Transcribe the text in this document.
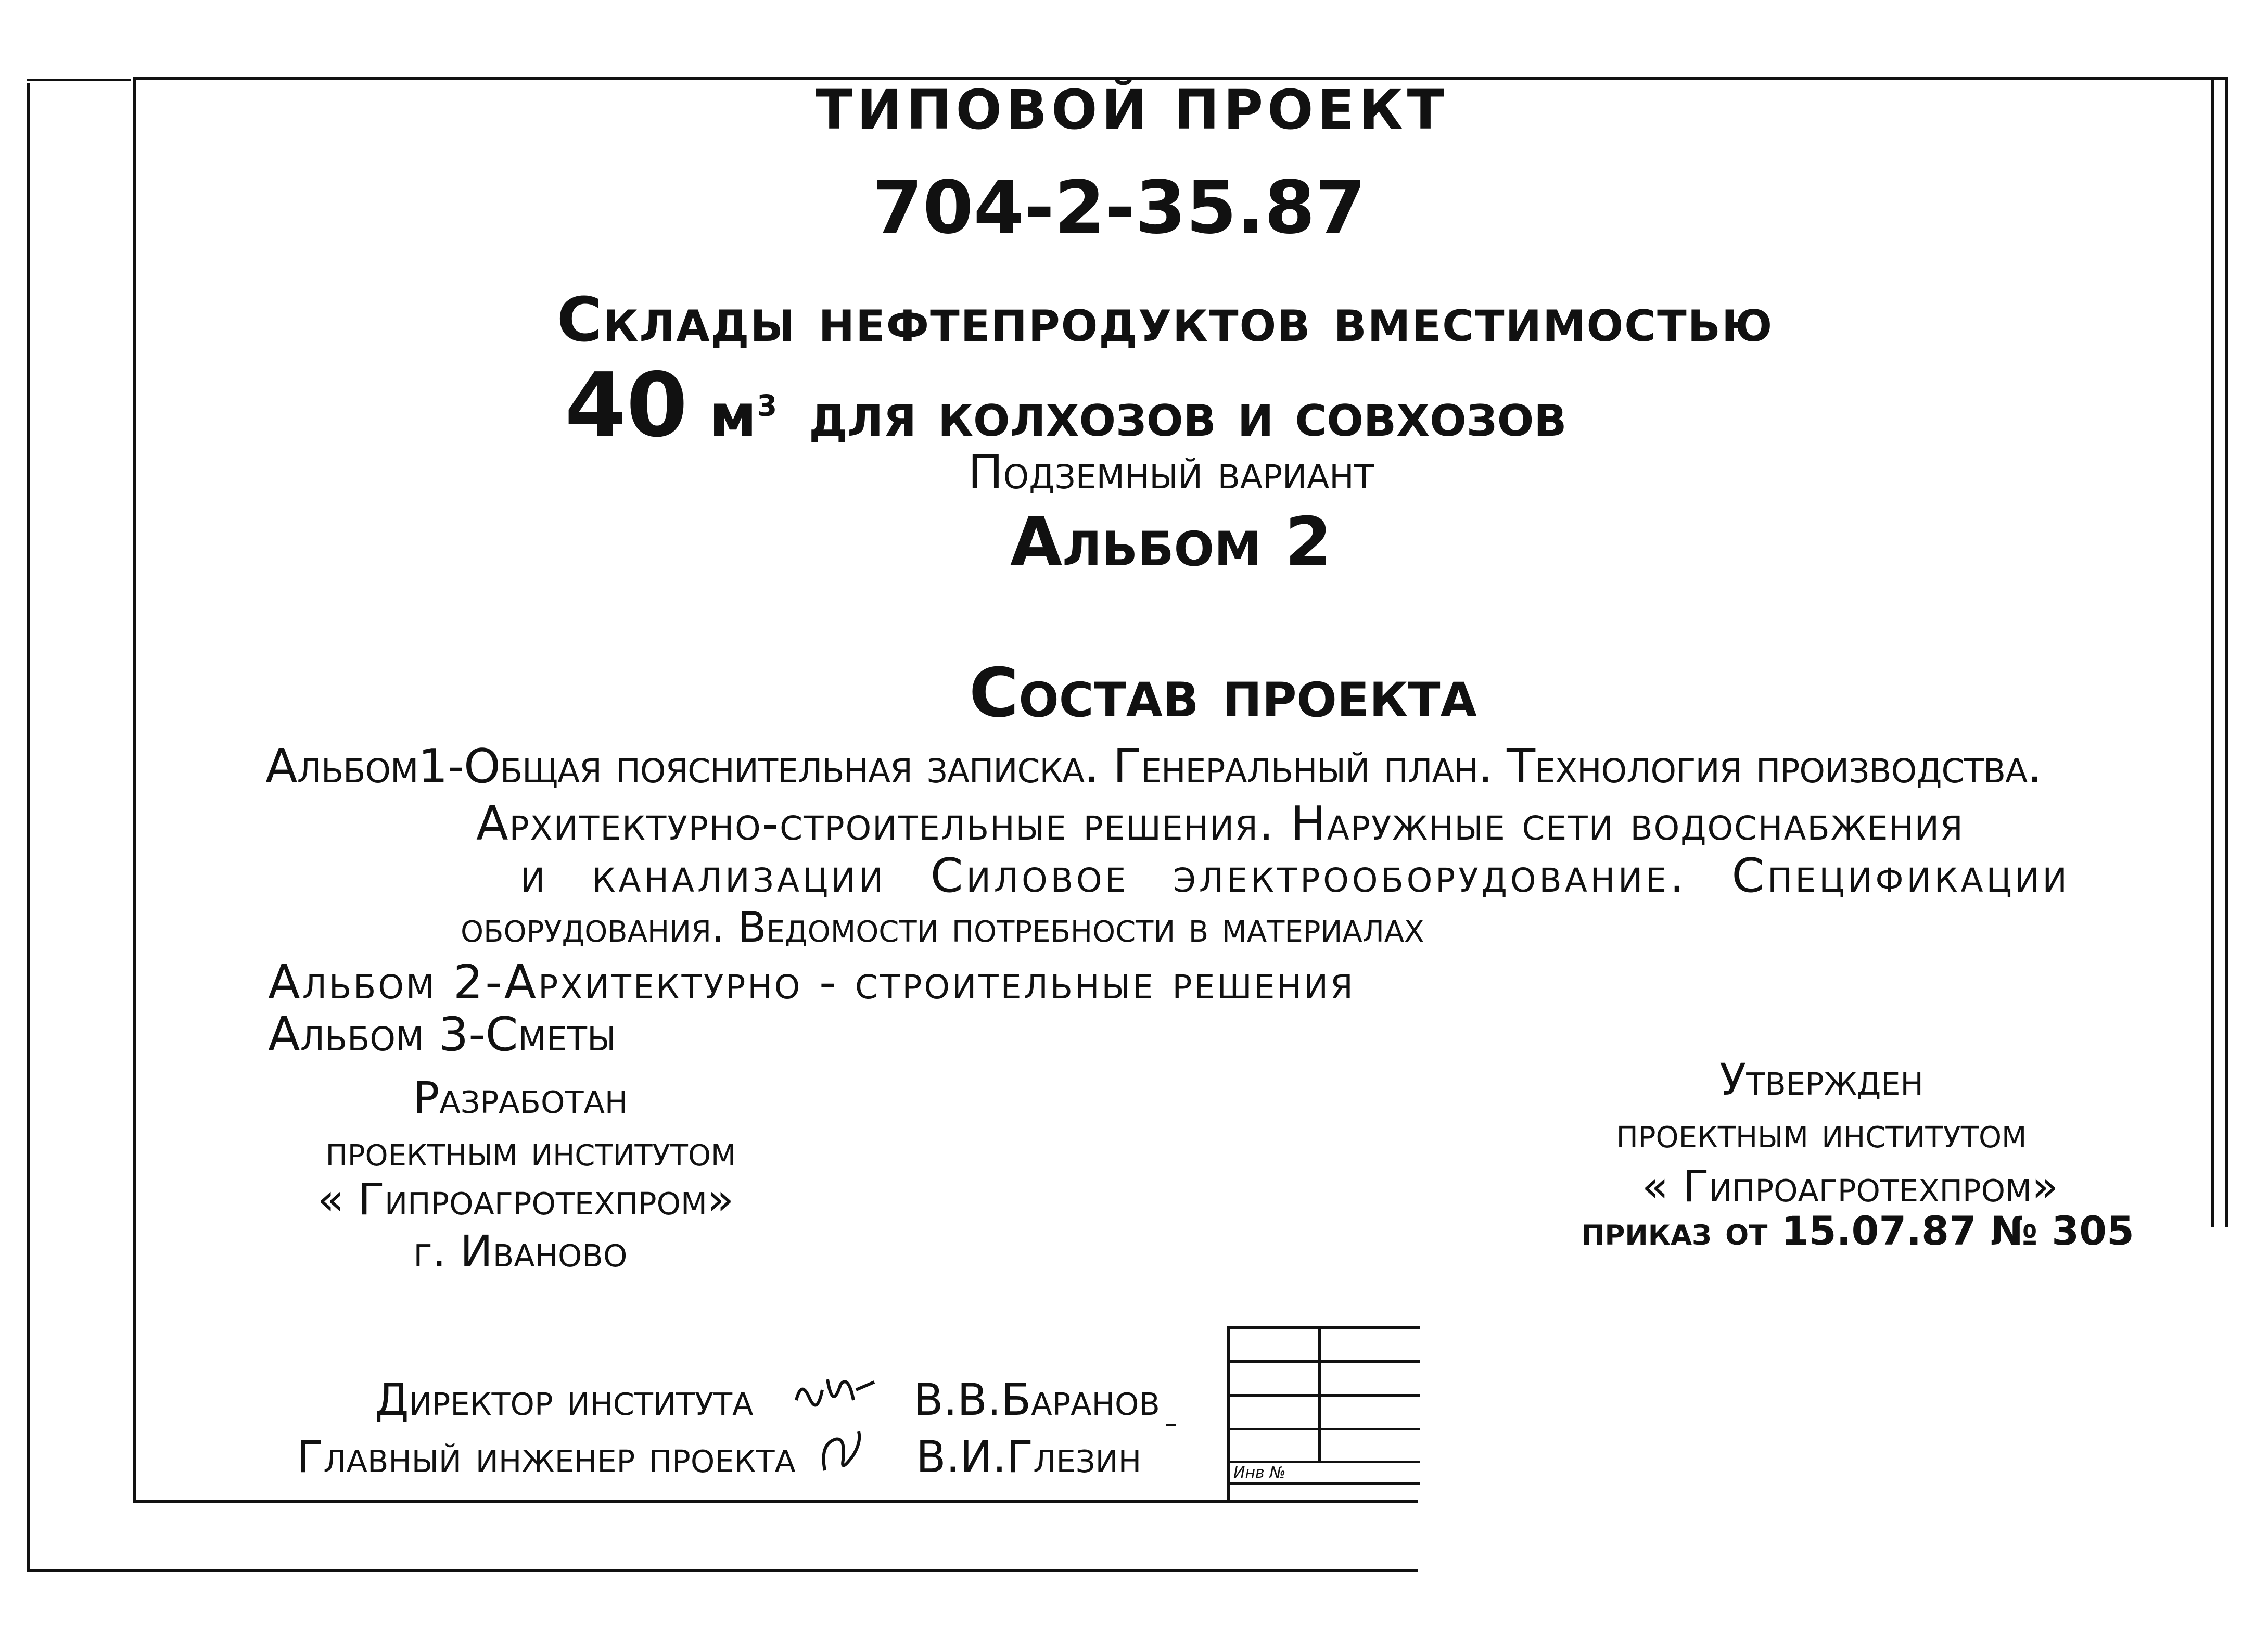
ТИПОВОЙ ПРОЕКТ
704-2-35.87
Склады нефтепродуктов вместимостью
40 $м^3$ для колхозов и совхозов
Подземный вариант
Альбом 2
Состав проекта
Альбом1-Общая пояснительная записка. Генеральный план. Технология производства.
Архитектурно-строительные решения. Наружные сети водоснабжения
и канализации Силовое электрооборудование. Спецификации
оборудования. Ведомости потребности в материалах
Альбом 2-Архитектурно - строительные решения
Альбом 3-Сметы
Разработан
проектным институтом
« Гипроагротехпром»
г. Иваново
Утвержден
проектным институтом
« Гипроагротехпром»
приказ от 15.07.87 № 305
Директор института	В.В.Баранов
Главный инженер проекта	В.И.Глезин	Инв №
